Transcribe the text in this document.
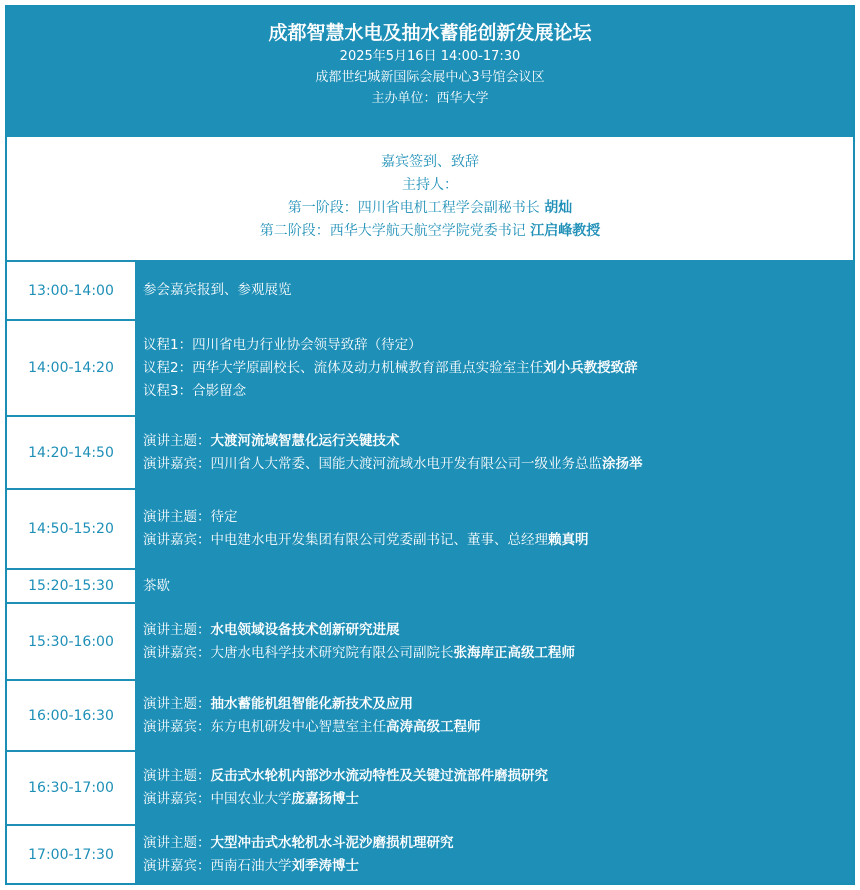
成都智慧水电及抽水蓄能创新发展论坛
2025年5月16日 14:00-17:30
成都世纪城新国际会展中心3号馆会议区
主办单位：西华大学
嘉宾签到、致辞
主持人：
第一阶段：四川省电机工程学会副秘书长 胡灿
第二阶段：西华大学航天航空学院党委书记 江启峰教授
13:00-14:00	参会嘉宾报到、参观展览
14:00-14:20
议程1：四川省电力行业协会领导致辞（待定）
议程2：西华大学原副校长、流体及动力机械教育部重点实验室主任刘小兵教授致辞
议程3：合影留念
14:20-14:50
演讲主题：大渡河流域智慧化运行关键技术
演讲嘉宾：四川省人大常委、国能大渡河流域水电开发有限公司一级业务总监涂扬举
14:50-15:20
演讲主题：待定
演讲嘉宾：中电建水电开发集团有限公司党委副书记、董事、总经理赖真明
15:20-15:30	茶歇
15:30-16:00
演讲主题：水电领域设备技术创新研究进展
演讲嘉宾：大唐水电科学技术研究院有限公司副院长张海库正高级工程师
16:00-16:30
演讲主题：抽水蓄能机组智能化新技术及应用
演讲嘉宾：东方电机研发中心智慧室主任高涛高级工程师
16:30-17:00
演讲主题：反击式水轮机内部沙水流动特性及关键过流部件磨损研究
演讲嘉宾：中国农业大学庞嘉扬博士
17:00-17:30
演讲主题：大型冲击式水轮机水斗泥沙磨损机理研究
演讲嘉宾：西南石油大学刘季涛博士
